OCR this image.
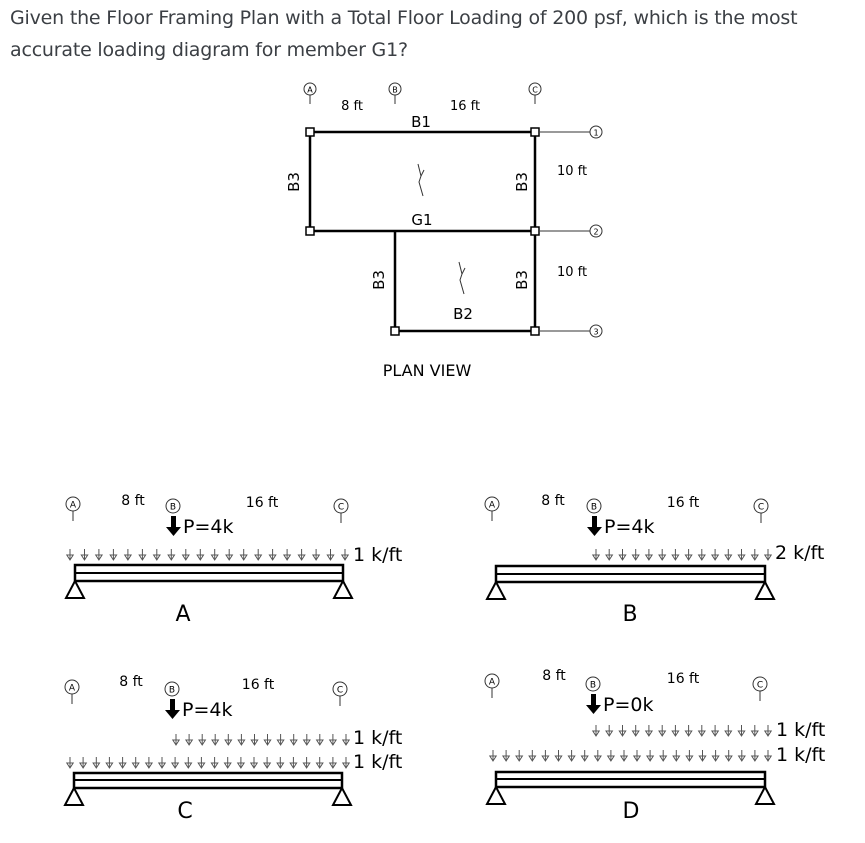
Given the Floor Framing Plan with a Total Floor Loading of 200 psf, which is the most accurate loading diagram for member G1?
A	B	C
1
2
3
8 ft	16 ft
10 ft
10 ft
B1
G1
B2
B3	B3
B3	B3
PLAN VIEW
A	B	C
8 ft	16 ft
P=4k
1 k/ft
A
A	B	C
8 ft	16 ft
P=4k
2 k/ft
B
A	B	C
8 ft	16 ft
P=4k
1 k/ft
1 k/ft
C
A	B	C
8 ft	16 ft
P=0k
1 k/ft
1 k/ft
D
